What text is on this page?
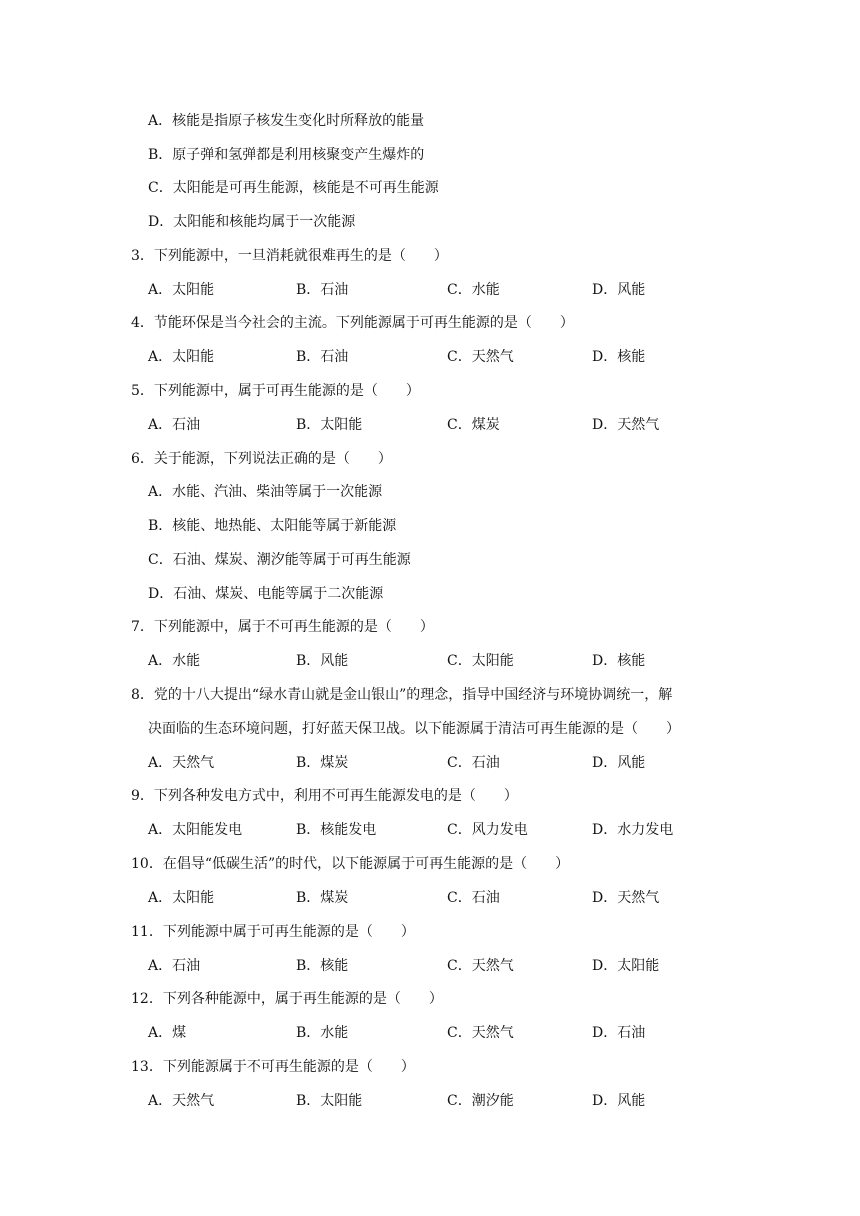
A．核能是指原子核发生变化时所释放的能量
B．原子弹和氢弹都是利用核聚变产生爆炸的
C．太阳能是可再生能源，核能是不可再生能源
D．太阳能和核能均属于一次能源
3．下列能源中，一旦消耗就很难再生的是（　　）
A．太阳能	B．石油	C．水能	D．风能
4．节能环保是当今社会的主流。下列能源属于可再生能源的是（　　）
A．太阳能	B．石油	C．天然气	D．核能
5．下列能源中，属于可再生能源的是（　　）
A．石油	B．太阳能	C．煤炭	D．天然气
6．关于能源，下列说法正确的是（　　）
A．水能、汽油、柴油等属于一次能源
B．核能、地热能、太阳能等属于新能源
C．石油、煤炭、潮汐能等属于可再生能源
D．石油、煤炭、电能等属于二次能源
7．下列能源中，属于不可再生能源的是（　　）
A．水能	B．风能	C．太阳能	D．核能
8．党的十八大提出“绿水青山就是金山银山”的理念，指导中国经济与环境协调统一，解
决面临的生态环境问题，打好蓝天保卫战。以下能源属于清洁可再生能源的是（　　）
A．天然气	B．煤炭	C．石油	D．风能
9．下列各种发电方式中，利用不可再生能源发电的是（　　）
A．太阳能发电	B．核能发电	C．风力发电	D．水力发电
10．在倡导“低碳生活”的时代，以下能源属于可再生能源的是（　　）
A．太阳能	B．煤炭	C．石油	D．天然气
11．下列能源中属于可再生能源的是（　　）
A．石油	B．核能	C．天然气	D．太阳能
12．下列各种能源中，属于再生能源的是（　　）
A．煤	B．水能	C．天然气	D．石油
13．下列能源属于不可再生能源的是（　　）
A．天然气	B．太阳能	C．潮汐能	D．风能
